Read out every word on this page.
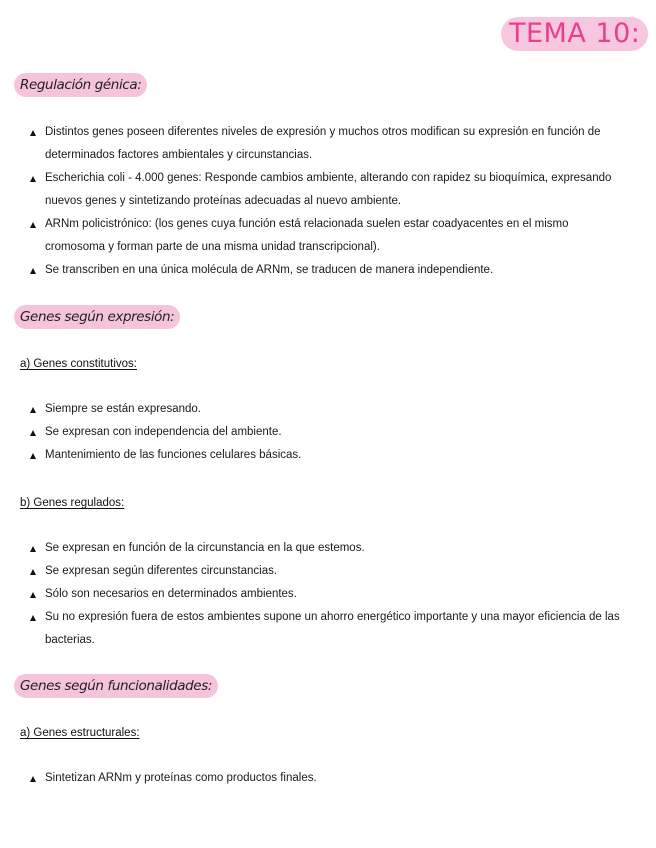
TEMA 10:
Regulación génica:
Distintos genes poseen diferentes niveles de expresión y muchos otros modifican su expresión en función de determinados factores ambientales y circunstancias.
Escherichia coli - 4.000 genes: Responde cambios ambiente, alterando con rapidez su bioquímica, expresando nuevos genes y sintetizando proteínas adecuadas al nuevo ambiente.
ARNm policistrónico: (los genes cuya función está relacionada suelen estar coadyacentes en el mismo cromosoma y forman parte de una misma unidad transcripcional).
Se transcriben en una única molécula de ARNm, se traducen de manera independiente.
Genes según expresión:
a) Genes constitutivos:
Siempre se están expresando.
Se expresan con independencia del ambiente.
Mantenimiento de las funciones celulares básicas.
b) Genes regulados:
Se expresan en función de la circunstancia en la que estemos.
Se expresan según diferentes circunstancias.
Sólo son necesarios en determinados ambientes.
Su no expresión fuera de estos ambientes supone un ahorro energético importante y una mayor eficiencia de las bacterias.
Genes según funcionalidades:
a) Genes estructurales:
Sintetizan ARNm y proteínas como productos finales.
